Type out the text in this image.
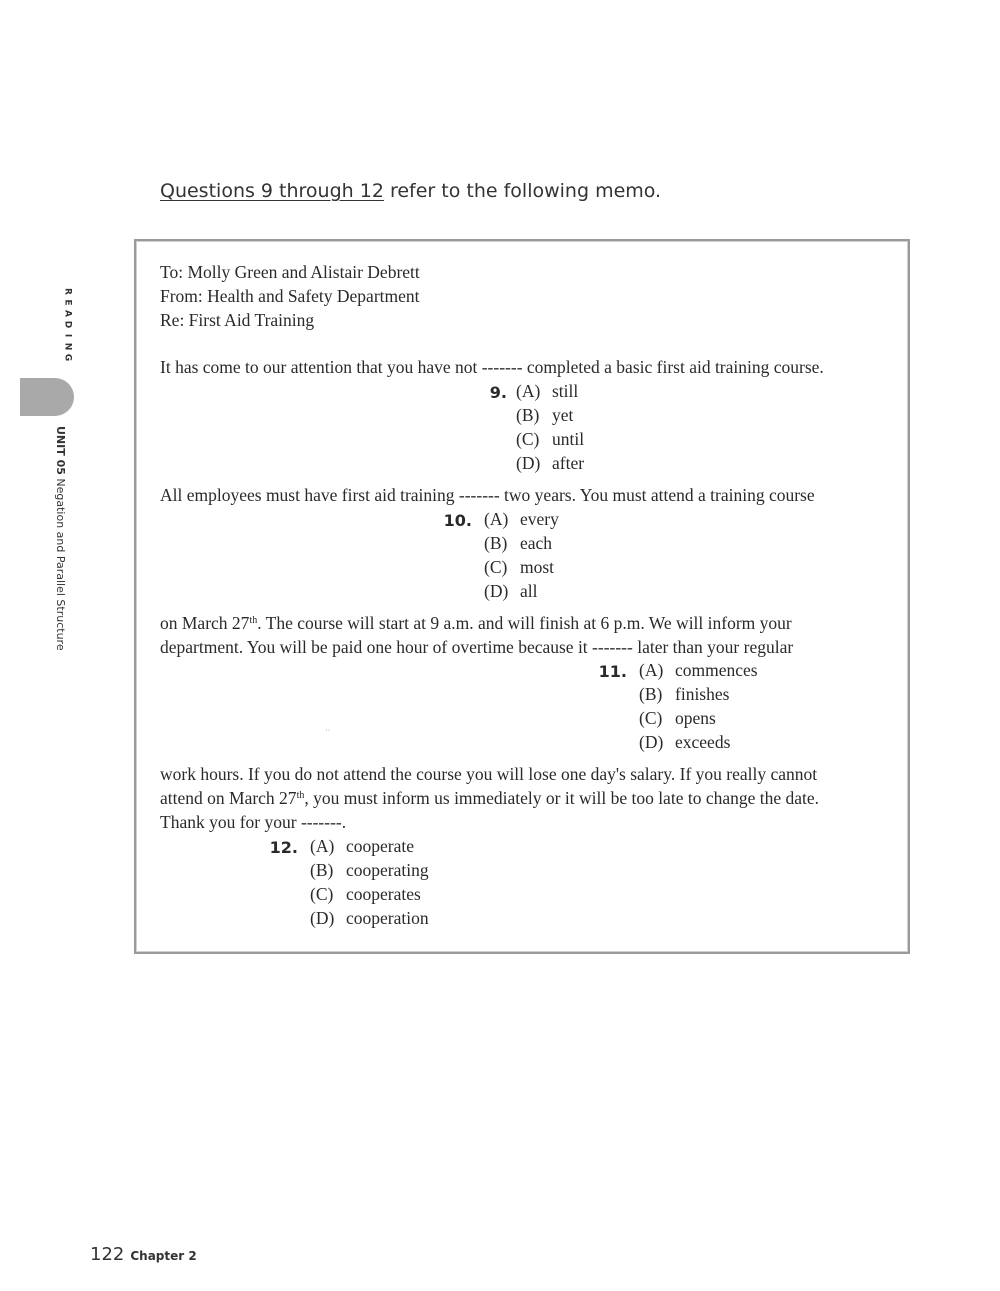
Questions 9 through 12 refer to the following memo.
R
E
A
D
I
N
G
UNIT 05 Negation and Parallel Structure
To: Molly Green and Alistair Debrett
From: Health and Safety Department
Re: First Aid Training
It has come to our attention that you have not ------- completed a basic first aid training course.
9. (A) still
(B) yet
(C) until
(D) after
All employees must have first aid training ------- two years. You must attend a training course
10. (A) every
(B) each
(C) most
(D) all
on March 27th. The course will start at 9 a.m. and will finish at 6 p.m. We will inform your
department. You will be paid one hour of overtime because it ------- later than your regular
11. (A) commences
(B) finishes
(C) opens
(D) exceeds
··
work hours. If you do not attend the course you will lose one day's salary. If you really cannot
attend on March 27th, you must inform us immediately or it will be too late to change the date.
Thank you for your -------.
12. (A) cooperate
(B) cooperating
(C) cooperates
(D) cooperation
122 Chapter 2
